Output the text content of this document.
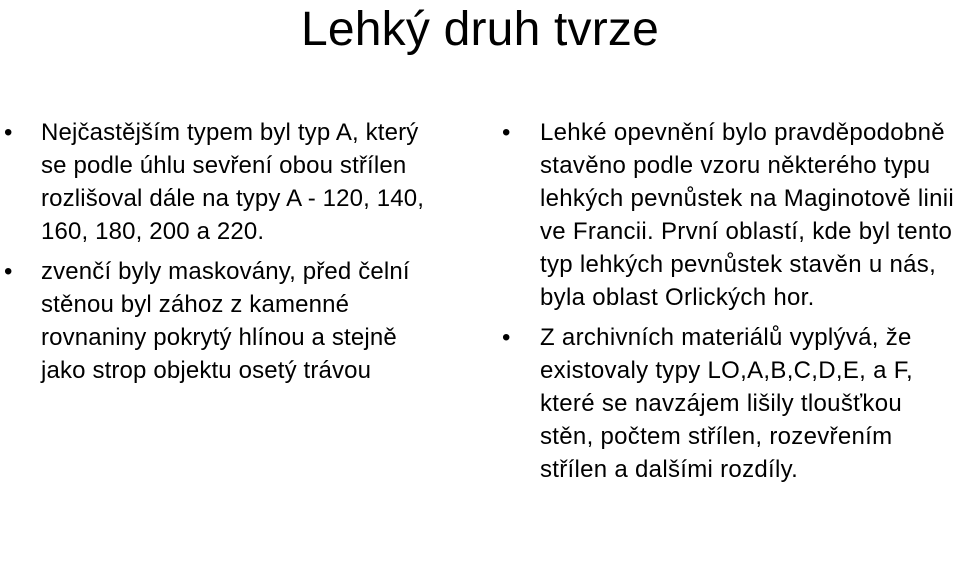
Lehký druh tvrze
• Nejčastějším typem byl typ A, který se podle úhlu sevření obou střílen rozlišoval dále na typy A - 120, 140, 160, 180, 200 a 220.
• zvenčí byly maskovány, před čelní stěnou byl zához z kamenné rovnaniny pokrytý hlínou a stejně jako strop objektu osetý trávou
• Lehké opevnění bylo pravděpodobně stavěno podle vzoru některého typu lehkých pevnůstek na Maginotově linii ve Francii. První oblastí, kde byl tento typ lehkých pevnůstek stavěn u nás, byla oblast Orlických hor.
• Z archivních materiálů vyplývá, že existovaly typy LO,A,B,C,D,E, a F, které se navzájem lišily tloušťkou stěn, počtem střílen, rozevřením střílen a dalšími rozdíly.
